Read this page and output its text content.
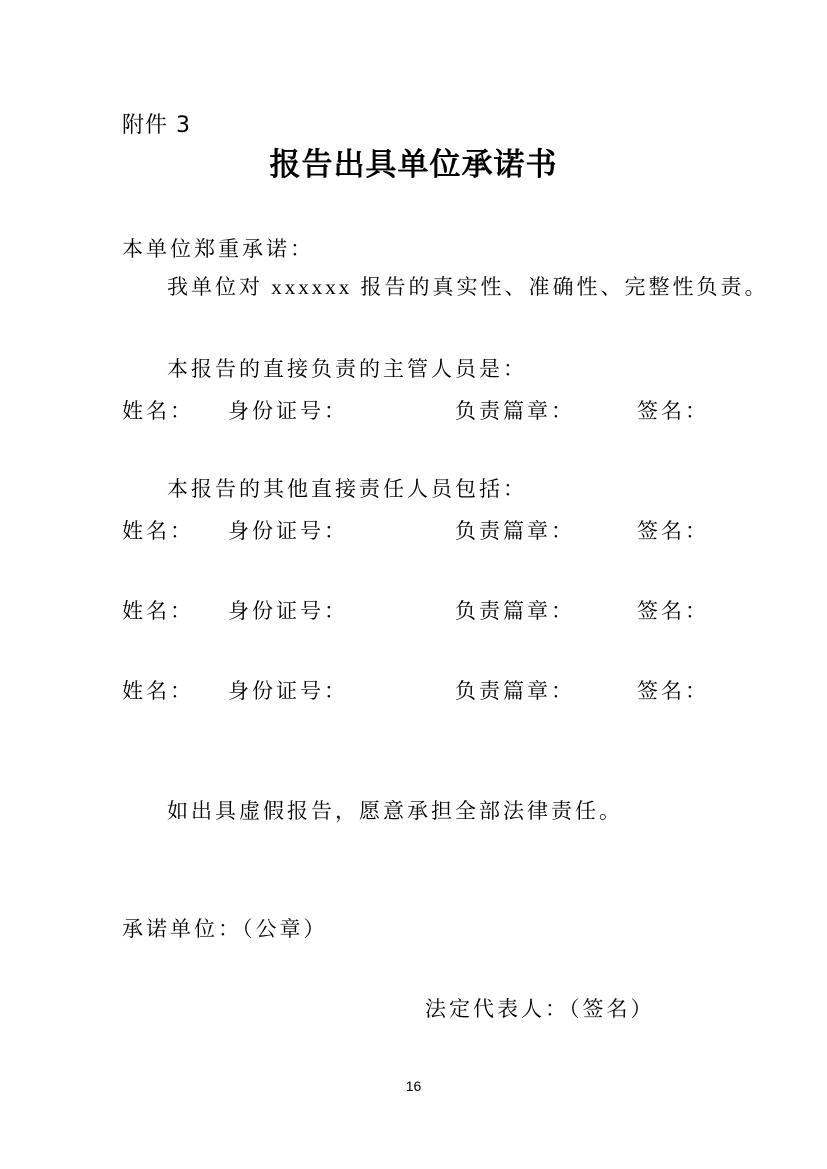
附件 3
报告出具单位承诺书
本单位郑重承诺：
我单位对 xxxxxx 报告的真实性、准确性、完整性负责。
本报告的直接负责的主管人员是：
姓名： 身份证号：	负责篇章：	签名：
本报告的其他直接责任人员包括：
姓名： 身份证号：	负责篇章：	签名：
姓名： 身份证号：	负责篇章：	签名：
姓名： 身份证号：	负责篇章：	签名：
如出具虚假报告，愿意承担全部法律责任。
承诺单位：（公章）
法定代表人：（签名）
16
